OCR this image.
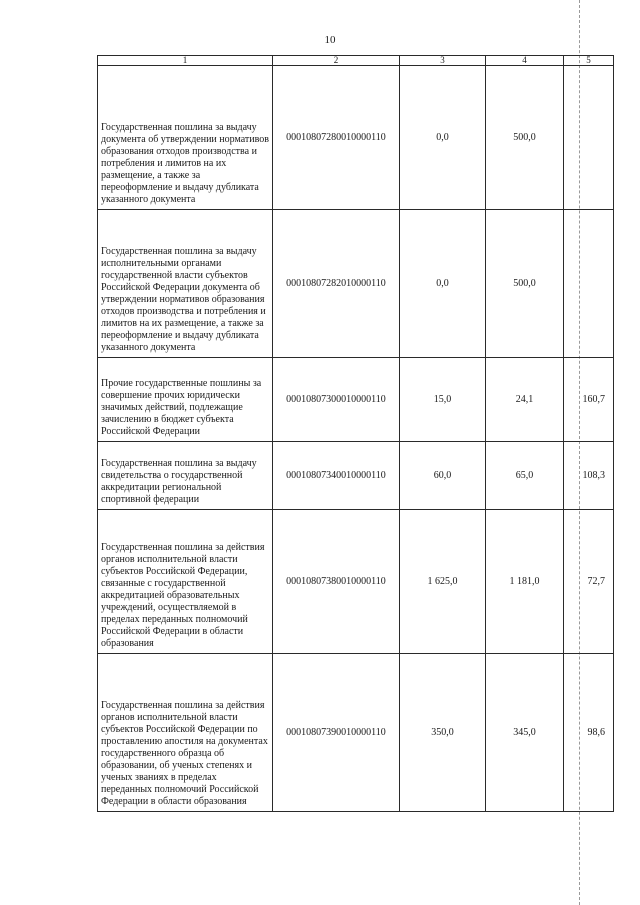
10
1	2	3	4	5

Государственная пошлина за выдачу документа об утверждении нормативов образования отходов производства и потребления и лимитов на их размещение, а также за переоформление и выдачу дубликата указанного документа	00010807280010000110	0,0	500,0	

Государственная пошлина за выдачу исполнительными органами государственной власти субъектов Российской Федерации документа об утверждении нормативов образования отходов производства и потребления и лимитов на их размещение, а также за переоформление и выдачу дубликата указанного документа	00010807282010000110	0,0	500,0	

Прочие государственные пошлины за совершение прочих юридически значимых действий, подлежащие зачислению в бюджет субъекта Российской Федерации	00010807300010000110	15,0	24,1	160,7

Государственная пошлина за выдачу свидетельства о государственной аккредитации региональной спортивной федерации	00010807340010000110	60,0	65,0	108,3

Государственная пошлина за действия органов исполнительной власти субъектов Российской Федерации, связанные с государственной аккредитацией образовательных учреждений, осуществляемой в пределах переданных полномочий Российской Федерации в области образования	00010807380010000110	1 625,0	1 181,0	72,7

Государственная пошлина за действия органов исполнительной власти субъектов Российской Федерации по проставлению апостиля на документах государственного образца об образовании, об ученых степенях и ученых званиях в пределах переданных полномочий Российской Федерации в области образования	00010807390010000110	350,0	345,0	98,6
